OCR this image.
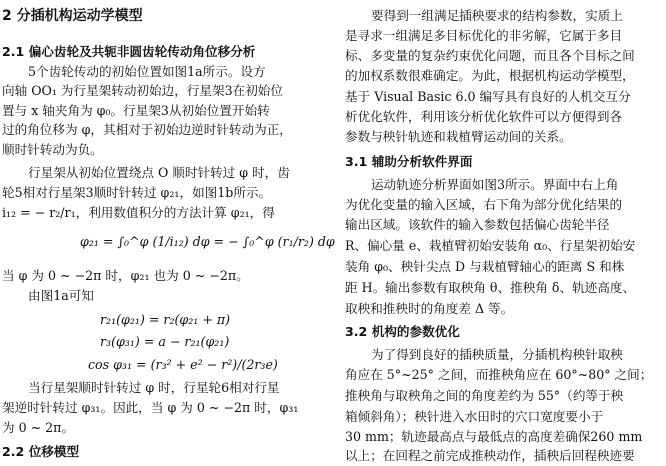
2 分插机构运动学模型
2.1 偏心齿轮及共轭非圆齿轮传动角位移分析
5个齿轮传动的初始位置如图1a所示。设方
向轴 OO₁ 为行星架转动初始边，行星架3在初始位
置与 x 轴夹角为 φ₀。行星架3从初始位置开始转
过的角位移为 φ，其相对于初始边逆时针转动为正，
顺时针转动为负。
行星架从初始位置绕点 O 顺时针转过 φ 时，齿
轮5相对行星架3顺时针转过 φ₂₁，如图1b所示。
i₁₂ = − r₂/r₁，利用数值积分的方法计算 φ₂₁，得
φ₂₁ = ∫₀^φ (1/i₁₂) dφ = − ∫₀^φ (r₁/r₂) dφ
当 φ 为 0 ~ −2π 时，φ₂₁ 也为 0 ~ −2π。
由图1a可知
r₂₁(φ₂₁) = r₂(φ₂₁ + π)
r₃(φ₃₁) = a − r₂₁(φ₂₁)
cos φ₃₁ = (r₃² + e² − r²)/(2r₃e)
当行星架顺时针转过 φ 时，行星轮6相对行星
架逆时针转过 φ₃₁。因此，当 φ 为 0 ~ −2π 时，φ₃₁
为 0 ~ 2π。
2.2 位移模型
要得到一组满足插秧要求的结构参数，实质上
是寻求一组满足多目标优化的非劣解，它属于多目
标、多变量的复杂约束优化问题，而且各个目标之间
的加权系数很难确定。为此，根据机构运动学模型，
基于 Visual Basic 6.0 编写具有良好的人机交互分
析优化软件，利用该分析优化软件可以方便得到各
参数与秧针轨迹和栽植臂运动间的关系。
3.1 辅助分析软件界面
运动轨迹分析界面如图3所示。界面中右上角
为优化变量的输入区域，右下角为部分优化结果的
输出区域。该软件的输入参数包括偏心齿轮半径
R、偏心量 e、栽植臂初始安装角 α₀、行星架初始安
装角 φ₀、秧针尖点 D 与栽植臂轴心的距离 S 和株
距 H。输出参数有取秧角 θ、推秧角 δ、轨迹高度、
取秧和推秧时的角度差 Δ 等。
3.2 机构的参数优化
为了得到良好的插秧质量，分插机构秧针取秧
角应在 5°~25° 之间，而推秧角应在 60°~80° 之间；
推秧角与取秧角之间的角度差约为 55°（约等于秧
箱倾斜角）；秧针进入水田时的穴口宽度要小于
30 mm；轨迹最高点与最低点的高度差确保260 mm
以上；在回程之前完成推秧动作，插秧后回程秧迹要
